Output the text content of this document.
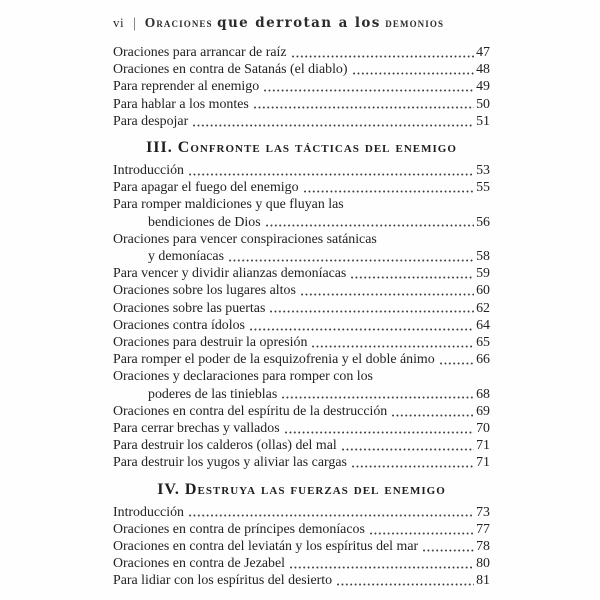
vi | Oraciones que derrotan a los demonios
Oraciones para arrancar de raíz	47
Oraciones en contra de Satanás (el diablo)	48
Para reprender al enemigo	49
Para hablar a los montes	50
Para despojar	51
III. Confronte las tácticas del enemigo
Introducción	53
Para apagar el fuego del enemigo	55
Para romper maldiciones y que fluyan las
bendiciones de Dios	56
Oraciones para vencer conspiraciones satánicas
y demoníacas	58
Para vencer y dividir alianzas demoníacas	59
Oraciones sobre los lugares altos	60
Oraciones sobre las puertas	62
Oraciones contra ídolos	64
Oraciones para destruir la opresión	65
Para romper el poder de la esquizofrenia y el doble ánimo	66
Oraciones y declaraciones para romper con los
poderes de las tinieblas	68
Oraciones en contra del espíritu de la destrucción	69
Para cerrar brechas y vallados	70
Para destruir los calderos (ollas) del mal	71
Para destruir los yugos y aliviar las cargas	71
IV. Destruya las fuerzas del enemigo
Introducción	73
Oraciones en contra de príncipes demoníacos	77
Oraciones en contra del leviatán y los espíritus del mar	78
Oraciones en contra de Jezabel	80
Para lidiar con los espíritus del desierto	81
